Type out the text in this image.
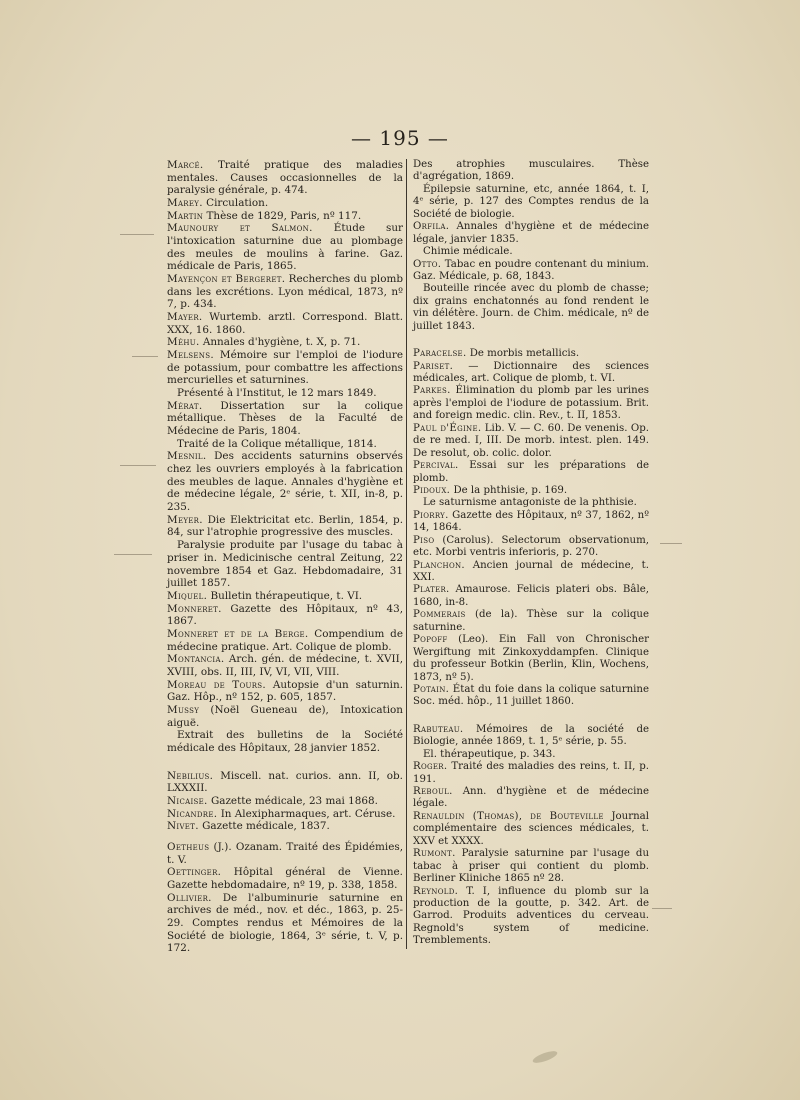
— 195 —

Marcé. Traité pratique des maladies mentales. Causes occasionnelles de la paralysie générale, p. 474.

Marey. Circulation.

Martin Thèse de 1829, Paris, nº 117.

Maunoury et Salmon. Étude sur l'intoxication saturnine due au plombage des meules de moulins à farine. Gaz. médicale de Paris, 1865.

Mayençon et Bergeret. Recherches du plomb dans les excrétions. Lyon médical, 1873, nº 7, p. 434.

Mayer. Wurtemb. arztl. Correspond. Blatt. XXX, 16. 1860.

Méhu. Annales d'hygiène, t. X, p. 71.

Melsens. Mémoire sur l'emploi de l'iodure de potassium, pour combattre les affections mercurielles et saturnines.

Présenté à l'Institut, le 12 mars 1849.

Mérat. Dissertation sur la colique métallique. Thèses de la Faculté de Médecine de Paris, 1804.

Traité de la Colique métallique, 1814.

Mesnil. Des accidents saturnins observés chez les ouvriers employés à la fabrication des meubles de laque. Annales d'hygiène et de médecine légale, 2ᵉ série, t. XII, in-8, p. 235.

Meyer. Die Elektricitat etc. Berlin, 1854, p. 84, sur l'atrophie progressive des muscles.

Paralysie produite par l'usage du tabac à priser in. Medicinische central Zeitung, 22 novembre 1854 et Gaz. Hebdomadaire, 31 juillet 1857.

Miquel. Bulletin thérapeutique, t. VI.

Monneret. Gazette des Hôpitaux, nº 43, 1867.

Monneret et de la Berge. Compendium de médecine pratique. Art. Colique de plomb.

Montancia. Arch. gén. de médecine, t. XVII, XVIII, obs. II, III, IV, VI, VII, VIII.

Moreau de Tours. Autopsie d'un saturnin. Gaz. Hôp., nº 152, p. 605, 1857.

Mussy (Noël Gueneau de), Intoxication aiguë.

Extrait des bulletins de la Société médicale des Hôpitaux, 28 janvier 1852.

Nebilius. Miscell. nat. curios. ann. II, ob. LXXXII.

Nicaise. Gazette médicale, 23 mai 1868.

Nicandre. In Alexipharmaques, art. Céruse.

Nivet. Gazette médicale, 1837.

Oetheus (J.). Ozanam. Traité des Épidémies, t. V.

Oettinger. Hôpital général de Vienne. Gazette hebdomadaire, nº 19, p. 338, 1858.

Ollivier. De l'albuminurie saturnine en archives de méd., nov. et déc., 1863, p. 25-29. Comptes rendus et Mémoires de la Société de biologie, 1864, 3ᵉ série, t. V, p. 172.

Des atrophies musculaires. Thèse d'agrégation, 1869.

Épilepsie saturnine, etc, année 1864, t. I, 4ᵉ série, p. 127 des Comptes rendus de la Société de biologie.

Orfila. Annales d'hygiène et de médecine légale, janvier 1835.

Chimie médicale.

Otto. Tabac en poudre contenant du minium. Gaz. Médicale, p. 68, 1843.

Bouteille rincée avec du plomb de chasse; dix grains enchatonnés au fond rendent le vin délétère. Journ. de Chim. médicale, nº de juillet 1843.

Paracelse. De morbis metallicis.

Pariset. — Dictionnaire des sciences médicales, art. Colique de plomb, t. VI.

Parkes. Élimination du plomb par les urines après l'emploi de l'iodure de potassium. Brit. and foreign medic. clin. Rev., t. II, 1853.

Paul d'Égine. Lib. V. — C. 60. De venenis. Op. de re med. I, III. De morb. intest. plen. 149. De resolut, ob. colic. dolor.

Percival. Essai sur les préparations de plomb.

Pidoux. De la phthisie, p. 169.

Le saturnisme antagoniste de la phthisie.

Piorry. Gazette des Hôpitaux, nº 37, 1862, nº 14, 1864.

Piso (Carolus). Selectorum observationum, etc. Morbi ventris inferioris, p. 270.

Planchon. Ancien journal de médecine, t. XXI.

Plater. Amaurose. Felicis plateri obs. Bâle, 1680, in-8.

Pommerais (de la). Thèse sur la colique saturnine.

Popoff (Leo). Ein Fall von Chronischer Wergiftung mit Zinkoxyddampfen. Clinique du professeur Botkin (Berlin, Klin, Wochens, 1873, nº 5).

Potain. État du foie dans la colique saturnine Soc. méd. hôp., 11 juillet 1860.

Rabuteau. Mémoires de la société de Biologie, année 1869, t. 1, 5ᵉ série, p. 55.

El. thérapeutique, p. 343.

Roger. Traité des maladies des reins, t. II, p. 191.

Reboul. Ann. d'hygiène et de médecine légale.

Renauldin (Thomas), de Bouteville Journal complémentaire des sciences médicales, t. XXV et XXXX.

Rumont. Paralysie saturnine par l'usage du tabac à priser qui contient du plomb. Berliner Kliniche 1865 nº 28.

Reynold. T. I, influence du plomb sur la production de la goutte, p. 342. Art. de Garrod. Produits adventices du cerveau. Regnold's system of medicine. Tremblements.
